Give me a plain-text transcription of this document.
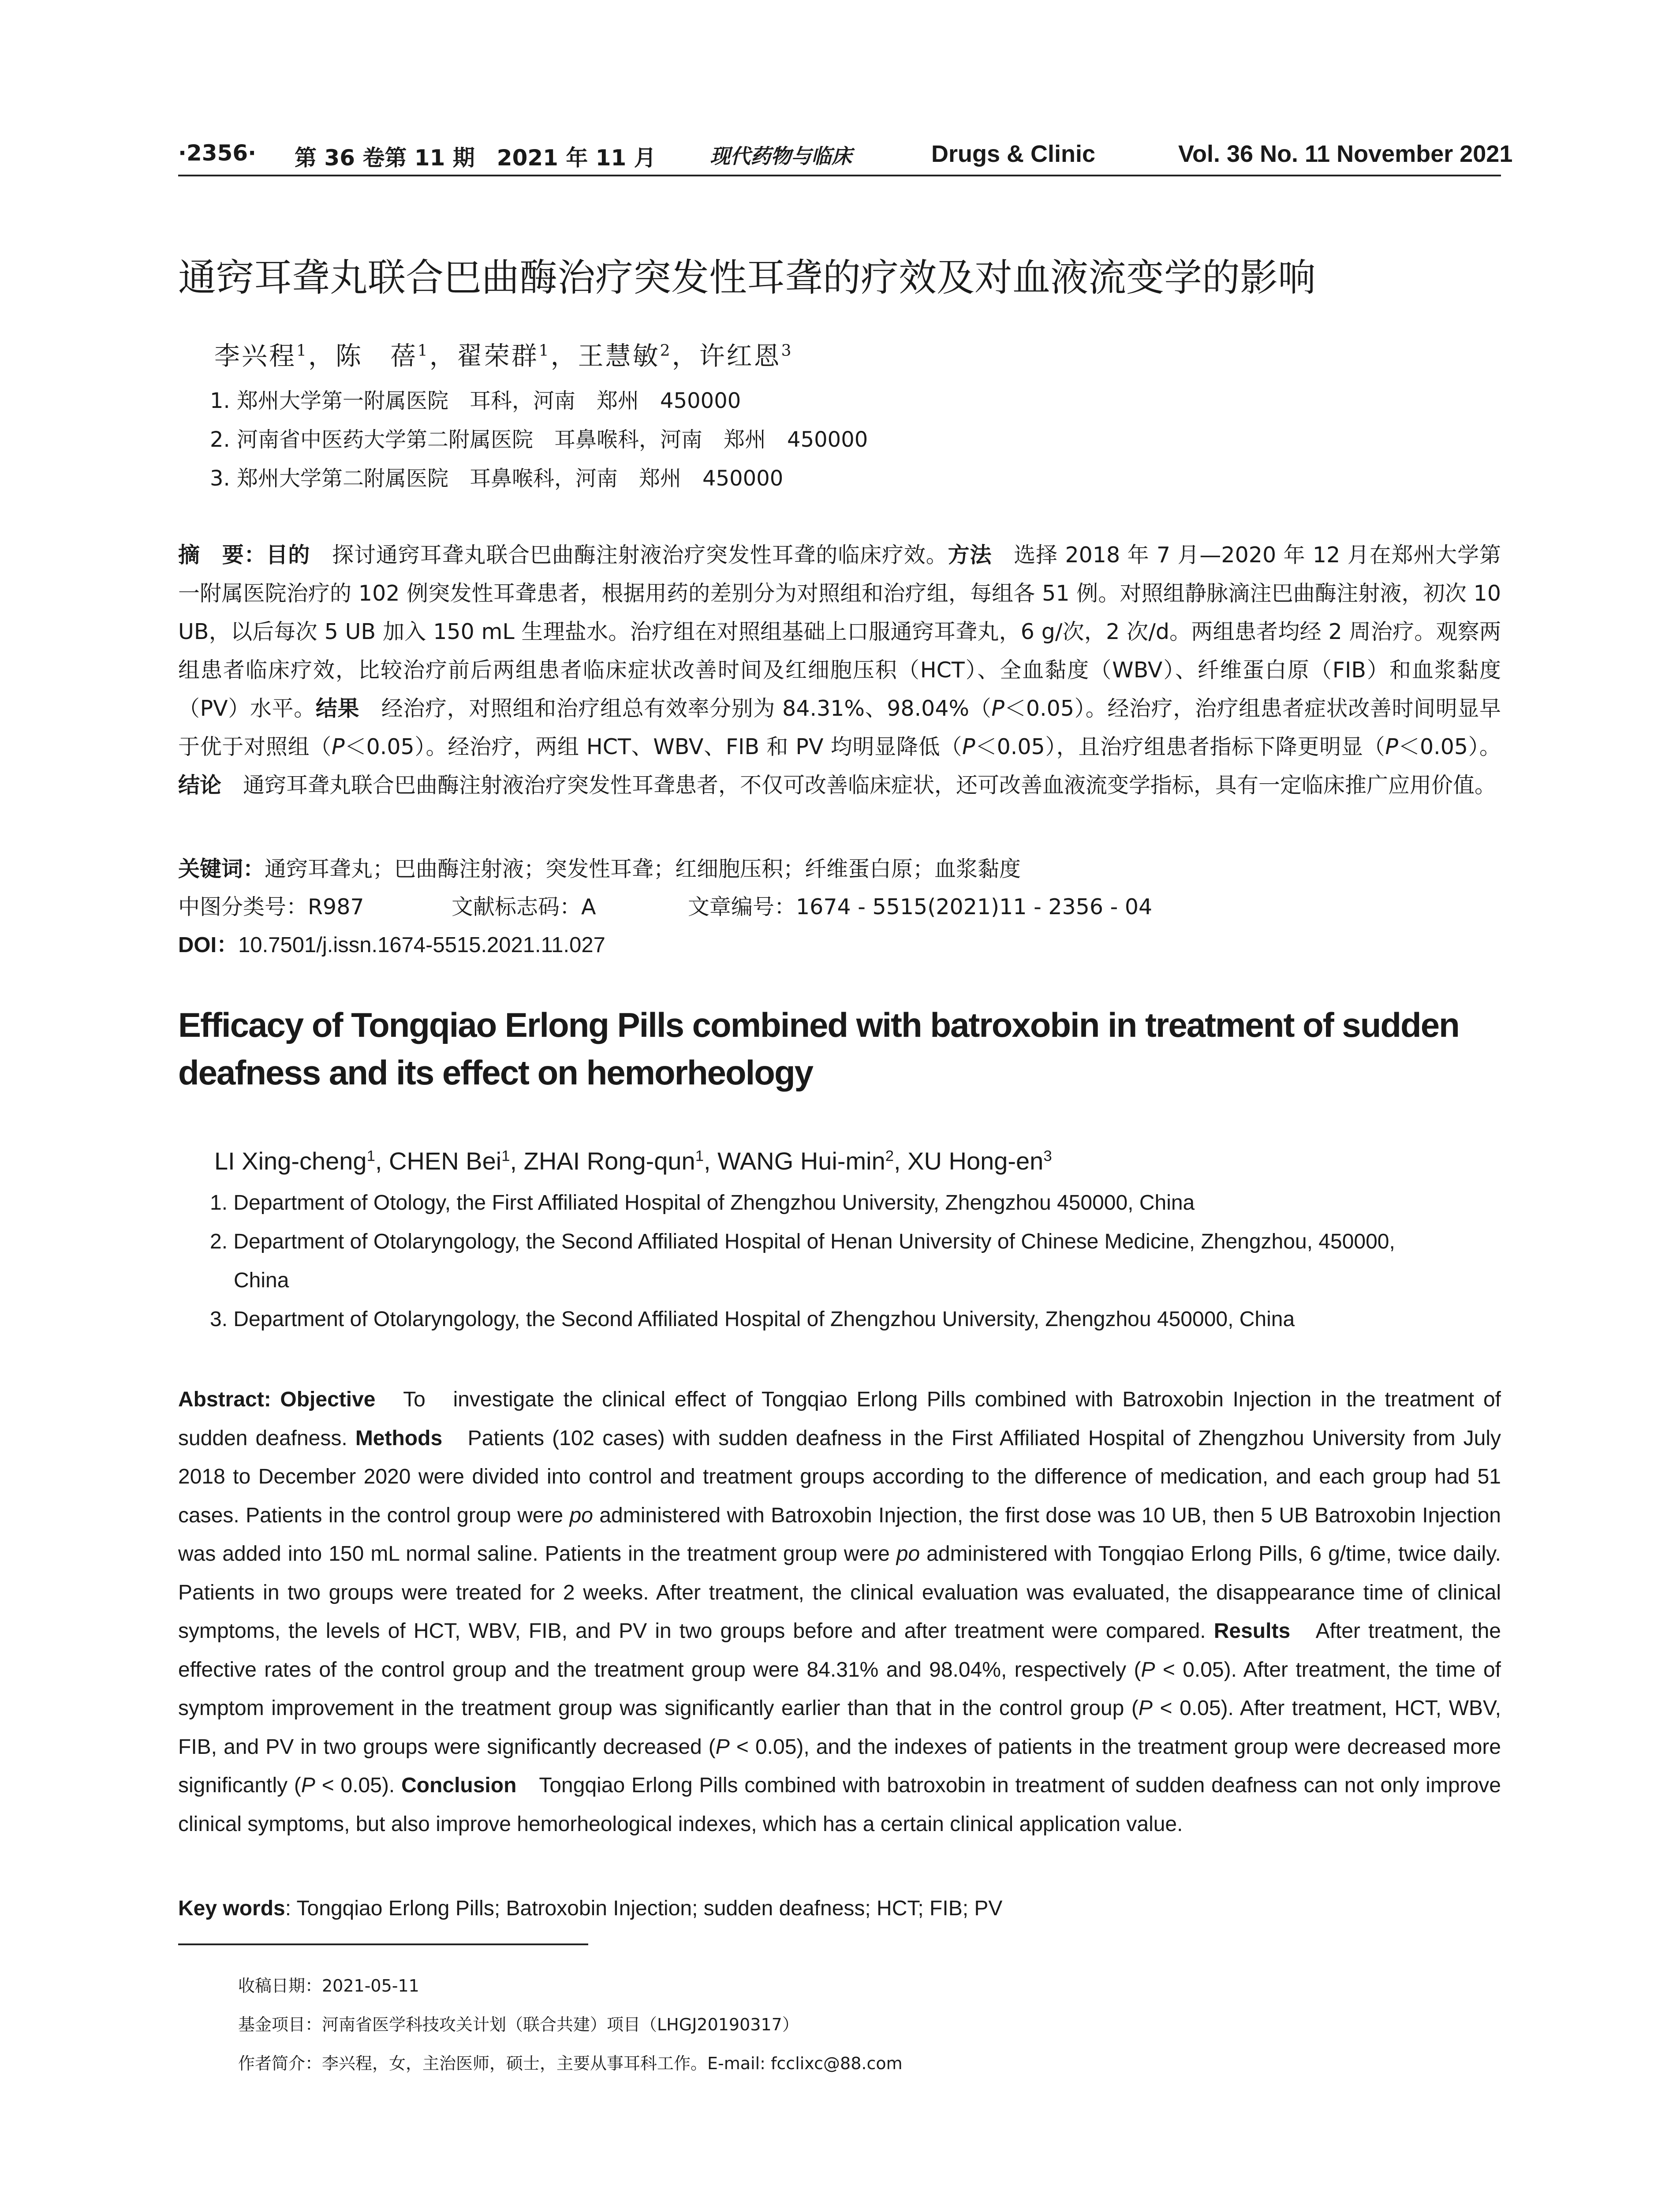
·2356· 第 36 卷第 11 期　2021 年 11 月	现代药物与临床	Drugs & Clinic	Vol. 36 No. 11 November 2021
通窍耳聋丸联合巴曲酶治疗突发性耳聋的疗效及对血液流变学的影响
李兴程$^1$，陈　蓓$^1$，翟荣群$^1$，王慧敏$^2$，许红恩$^3$
1. 郑州大学第一附属医院　耳科，河南　郑州　450000
2. 河南省中医药大学第二附属医院　耳鼻喉科，河南　郑州　450000
3. 郑州大学第二附属医院　耳鼻喉科，河南　郑州　450000
摘　要：目的　探讨通窍耳聋丸联合巴曲酶注射液治疗突发性耳聋的临床疗效。方法　选择 2018 年 7 月—2020 年 12 月在郑州大学第一附属医院治疗的 102 例突发性耳聋患者，根据用药的差别分为对照组和治疗组，每组各 51 例。对照组静脉滴注巴曲酶注射液，初次 10 UB，以后每次 5 UB 加入 150 mL 生理盐水。治疗组在对照组基础上口服通窍耳聋丸，6 g/次，2 次/d。两组患者均经 2 周治疗。观察两组患者临床疗效，比较治疗前后两组患者临床症状改善时间及红细胞压积（HCT）、全血黏度（WBV）、纤维蛋白原（FIB）和血浆黏度（PV）水平。结果　经治疗，对照组和治疗组总有效率分别为 84.31%、98.04%（P＜0.05）。经治疗，治疗组患者症状改善时间明显早于优于对照组（P＜0.05）。经治疗，两组 HCT、WBV、FIB 和 PV 均明显降低（P＜0.05），且治疗组患者指标下降更明显（P＜0.05）。结论　通窍耳聋丸联合巴曲酶注射液治疗突发性耳聋患者，不仅可改善临床症状，还可改善血液流变学指标，具有一定临床推广应用价值。
关键词：通窍耳聋丸；巴曲酶注射液；突发性耳聋；红细胞压积；纤维蛋白原；血浆黏度
中图分类号：R987	文献标志码：A	文章编号：1674 - 5515(2021)11 - 2356 - 04
DOI：10.7501/j.issn.1674-5515.2021.11.027
Efficacy of Tongqiao Erlong Pills combined with batroxobin in treatment of sudden deafness and its effect on hemorheology
LI Xing-cheng$^1$, CHEN Bei$^1$, ZHAI Rong-qun$^1$, WANG Hui-$\min^2$, XU Hong-$en^3$
1. Department of Otology, the First Affiliated Hospital of Zhengzhou University, Zhengzhou 450000, China
2. Department of Otolaryngology, the Second Affiliated Hospital of Henan University of Chinese Medicine, Zhengzhou, 450000,
China
3. Department of Otolaryngology, the Second Affiliated Hospital of Zhengzhou University, Zhengzhou 450000, China
Abstract: Objective　To　investigate the clinical effect of Tongqiao Erlong Pills combined with Batroxobin Injection in the treatment of sudden deafness. Methods　Patients (102 cases) with sudden deafness in the First Affiliated Hospital of Zhengzhou University from July 2018 to December 2020 were divided into control and treatment groups according to the difference of medication, and each group had 51 cases. Patients in the control group were po administered with Batroxobin Injection, the first dose was 10 UB, then 5 UB Batroxobin Injection was added into 150 mL normal saline. Patients in the treatment group were po administered with Tongqiao Erlong Pills, 6 g/time, twice daily. Patients in two groups were treated for 2 weeks. After treatment, the clinical evaluation was evaluated, the disappearance time of clinical symptoms, the levels of HCT, WBV, FIB, and PV in two groups before and after treatment were compared. Results　After treatment, the effective rates of the control group and the treatment group were 84.31% and 98.04%, respectively (P < 0.05). After treatment, the time of symptom improvement in the treatment group was significantly earlier than that in the control group (P < 0.05). After treatment, HCT, WBV, FIB, and PV in two groups were significantly decreased (P < 0.05), and the indexes of patients in the treatment group were decreased more significantly (P < 0.05). Conclusion　Tongqiao Erlong Pills combined with batroxobin in treatment of sudden deafness can not only improve clinical symptoms, but also improve hemorheological indexes, which has a certain clinical application value.
Key words: Tongqiao Erlong Pills; Batroxobin Injection; sudden deafness; HCT; FIB; PV
收稿日期：2021-05-11
基金项目：河南省医学科技攻关计划（联合共建）项目（LHGJ20190317）
作者简介：李兴程，女，主治医师，硕士，主要从事耳科工作。E-mail: fcclixc@88.com
